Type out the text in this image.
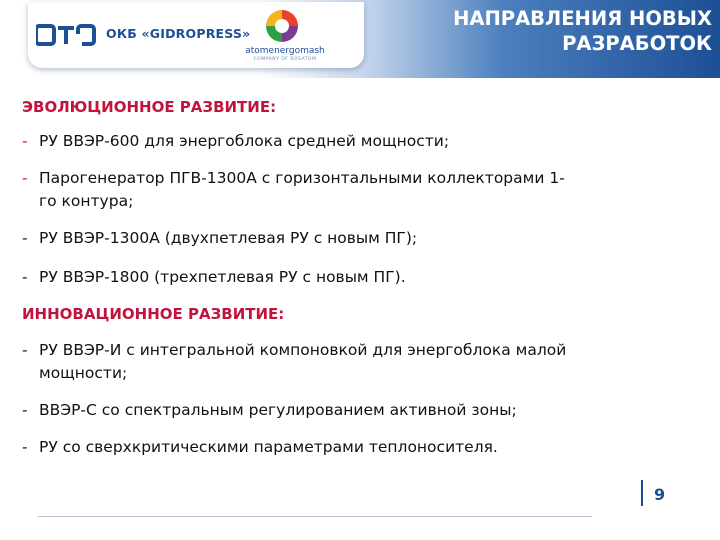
ОКБ «GIDROPRESS»
atomenergomash
COMPANY OF ROSATOM
НАПРАВЛЕНИЯ НОВЫХ
РАЗРАБОТОК
ЭВОЛЮЦИОННОЕ РАЗВИТИЕ:
- РУ ВВЭР-600 для энергоблока средней мощности;
- Парогенератор ПГВ-1300А с горизонтальными коллекторами 1-
го контура;
- РУ ВВЭР-1300А (двухпетлевая РУ с новым ПГ);
- РУ ВВЭР-1800 (трехпетлевая РУ с новым ПГ).
ИННОВАЦИОННОЕ РАЗВИТИЕ:
- РУ ВВЭР-И с интегральной компоновкой для энергоблока малой
мощности;
- ВВЭР-С со спектральным регулированием активной зоны;
- РУ со сверхкритическими параметрами теплоносителя.
9
